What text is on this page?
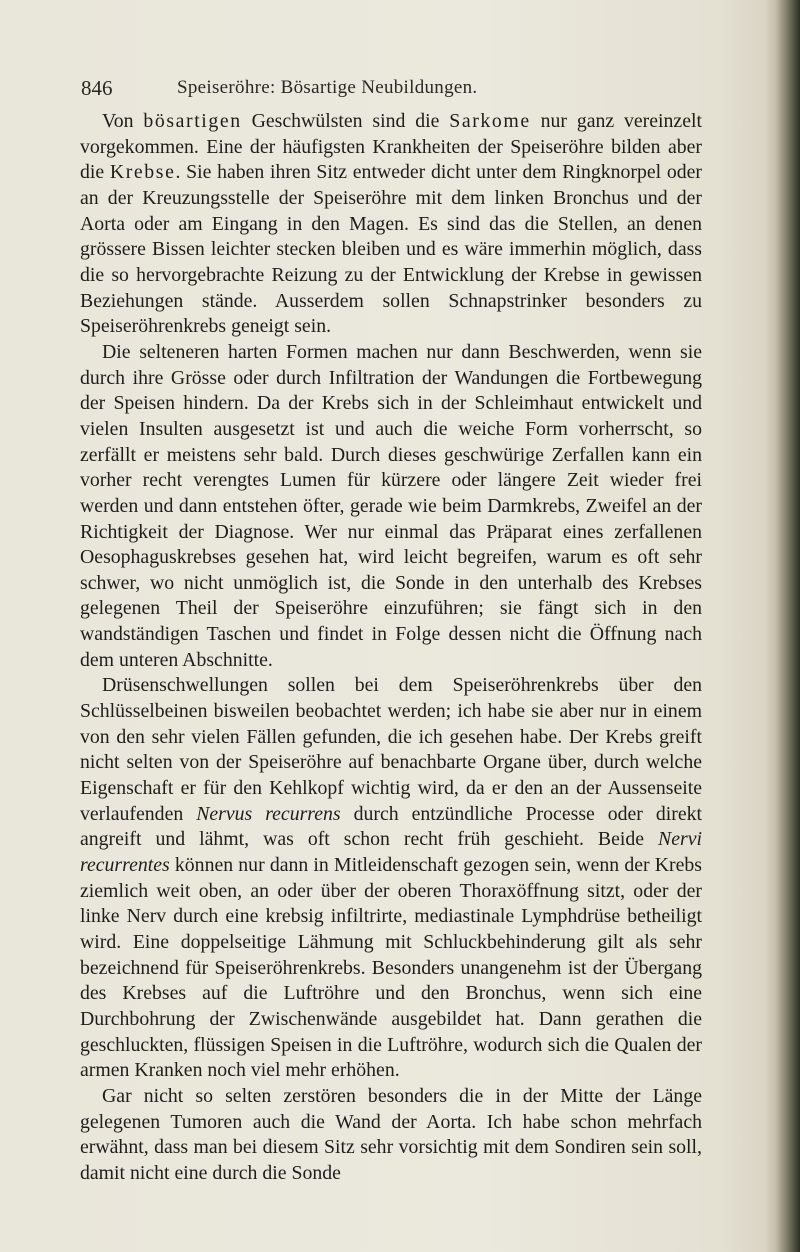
846	Speiseröhre: Bösartige Neubildungen.

Von bösartigen Geschwülsten sind die Sarkome nur ganz vereinzelt vorgekommen. Eine der häufigsten Krankheiten der Speiseröhre bilden aber die Krebse. Sie haben ihren Sitz entweder dicht unter dem Ringknorpel oder an der Kreuzungsstelle der Speiseröhre mit dem linken Bronchus und der Aorta oder am Eingang in den Magen. Es sind das die Stellen, an denen grössere Bissen leichter stecken bleiben und es wäre immerhin möglich, dass die so hervorgebrachte Reizung zu der Entwicklung der Krebse in gewissen Beziehungen stände. Ausserdem sollen Schnapstrinker besonders zu Speiseröhrenkrebs geneigt sein.

Die selteneren harten Formen machen nur dann Beschwerden, wenn sie durch ihre Grösse oder durch Infiltration der Wandungen die Fortbewegung der Speisen hindern. Da der Krebs sich in der Schleimhaut entwickelt und vielen Insulten ausgesetzt ist und auch die weiche Form vorherrscht, so zerfällt er meistens sehr bald. Durch dieses geschwürige Zerfallen kann ein vorher recht verengtes Lumen für kürzere oder längere Zeit wieder frei werden und dann entstehen öfter, gerade wie beim Darmkrebs, Zweifel an der Richtigkeit der Diagnose. Wer nur einmal das Präparat eines zerfallenen Oesophaguskrebses gesehen hat, wird leicht begreifen, warum es oft sehr schwer, wo nicht unmöglich ist, die Sonde in den unterhalb des Krebses gelegenen Theil der Speiseröhre einzuführen; sie fängt sich in den wandständigen Taschen und findet in Folge dessen nicht die Öffnung nach dem unteren Abschnitte.

Drüsenschwellungen sollen bei dem Speiseröhrenkrebs über den Schlüsselbeinen bisweilen beobachtet werden; ich habe sie aber nur in einem von den sehr vielen Fällen gefunden, die ich gesehen habe. Der Krebs greift nicht selten von der Speiseröhre auf benachbarte Organe über, durch welche Eigenschaft er für den Kehlkopf wichtig wird, da er den an der Aussenseite verlaufenden Nervus recurrens durch entzündliche Processe oder direkt angreift und lähmt, was oft schon recht früh geschieht. Beide Nervi recurrentes können nur dann in Mitleidenschaft gezogen sein, wenn der Krebs ziemlich weit oben, an oder über der oberen Thoraxöffnung sitzt, oder der linke Nerv durch eine krebsig infiltrirte, mediastinale Lymphdrüse betheiligt wird. Eine doppelseitige Lähmung mit Schluckbehinderung gilt als sehr bezeichnend für Speiseröhrenkrebs. Besonders unangenehm ist der Übergang des Krebses auf die Luftröhre und den Bronchus, wenn sich eine Durchbohrung der Zwischenwände ausgebildet hat. Dann gerathen die geschluckten, flüssigen Speisen in die Luftröhre, wodurch sich die Qualen der armen Kranken noch viel mehr erhöhen.

Gar nicht so selten zerstören besonders die in der Mitte der Länge gelegenen Tumoren auch die Wand der Aorta. Ich habe schon mehrfach erwähnt, dass man bei diesem Sitz sehr vorsichtig mit dem Sondiren sein soll, damit nicht eine durch die Sonde
